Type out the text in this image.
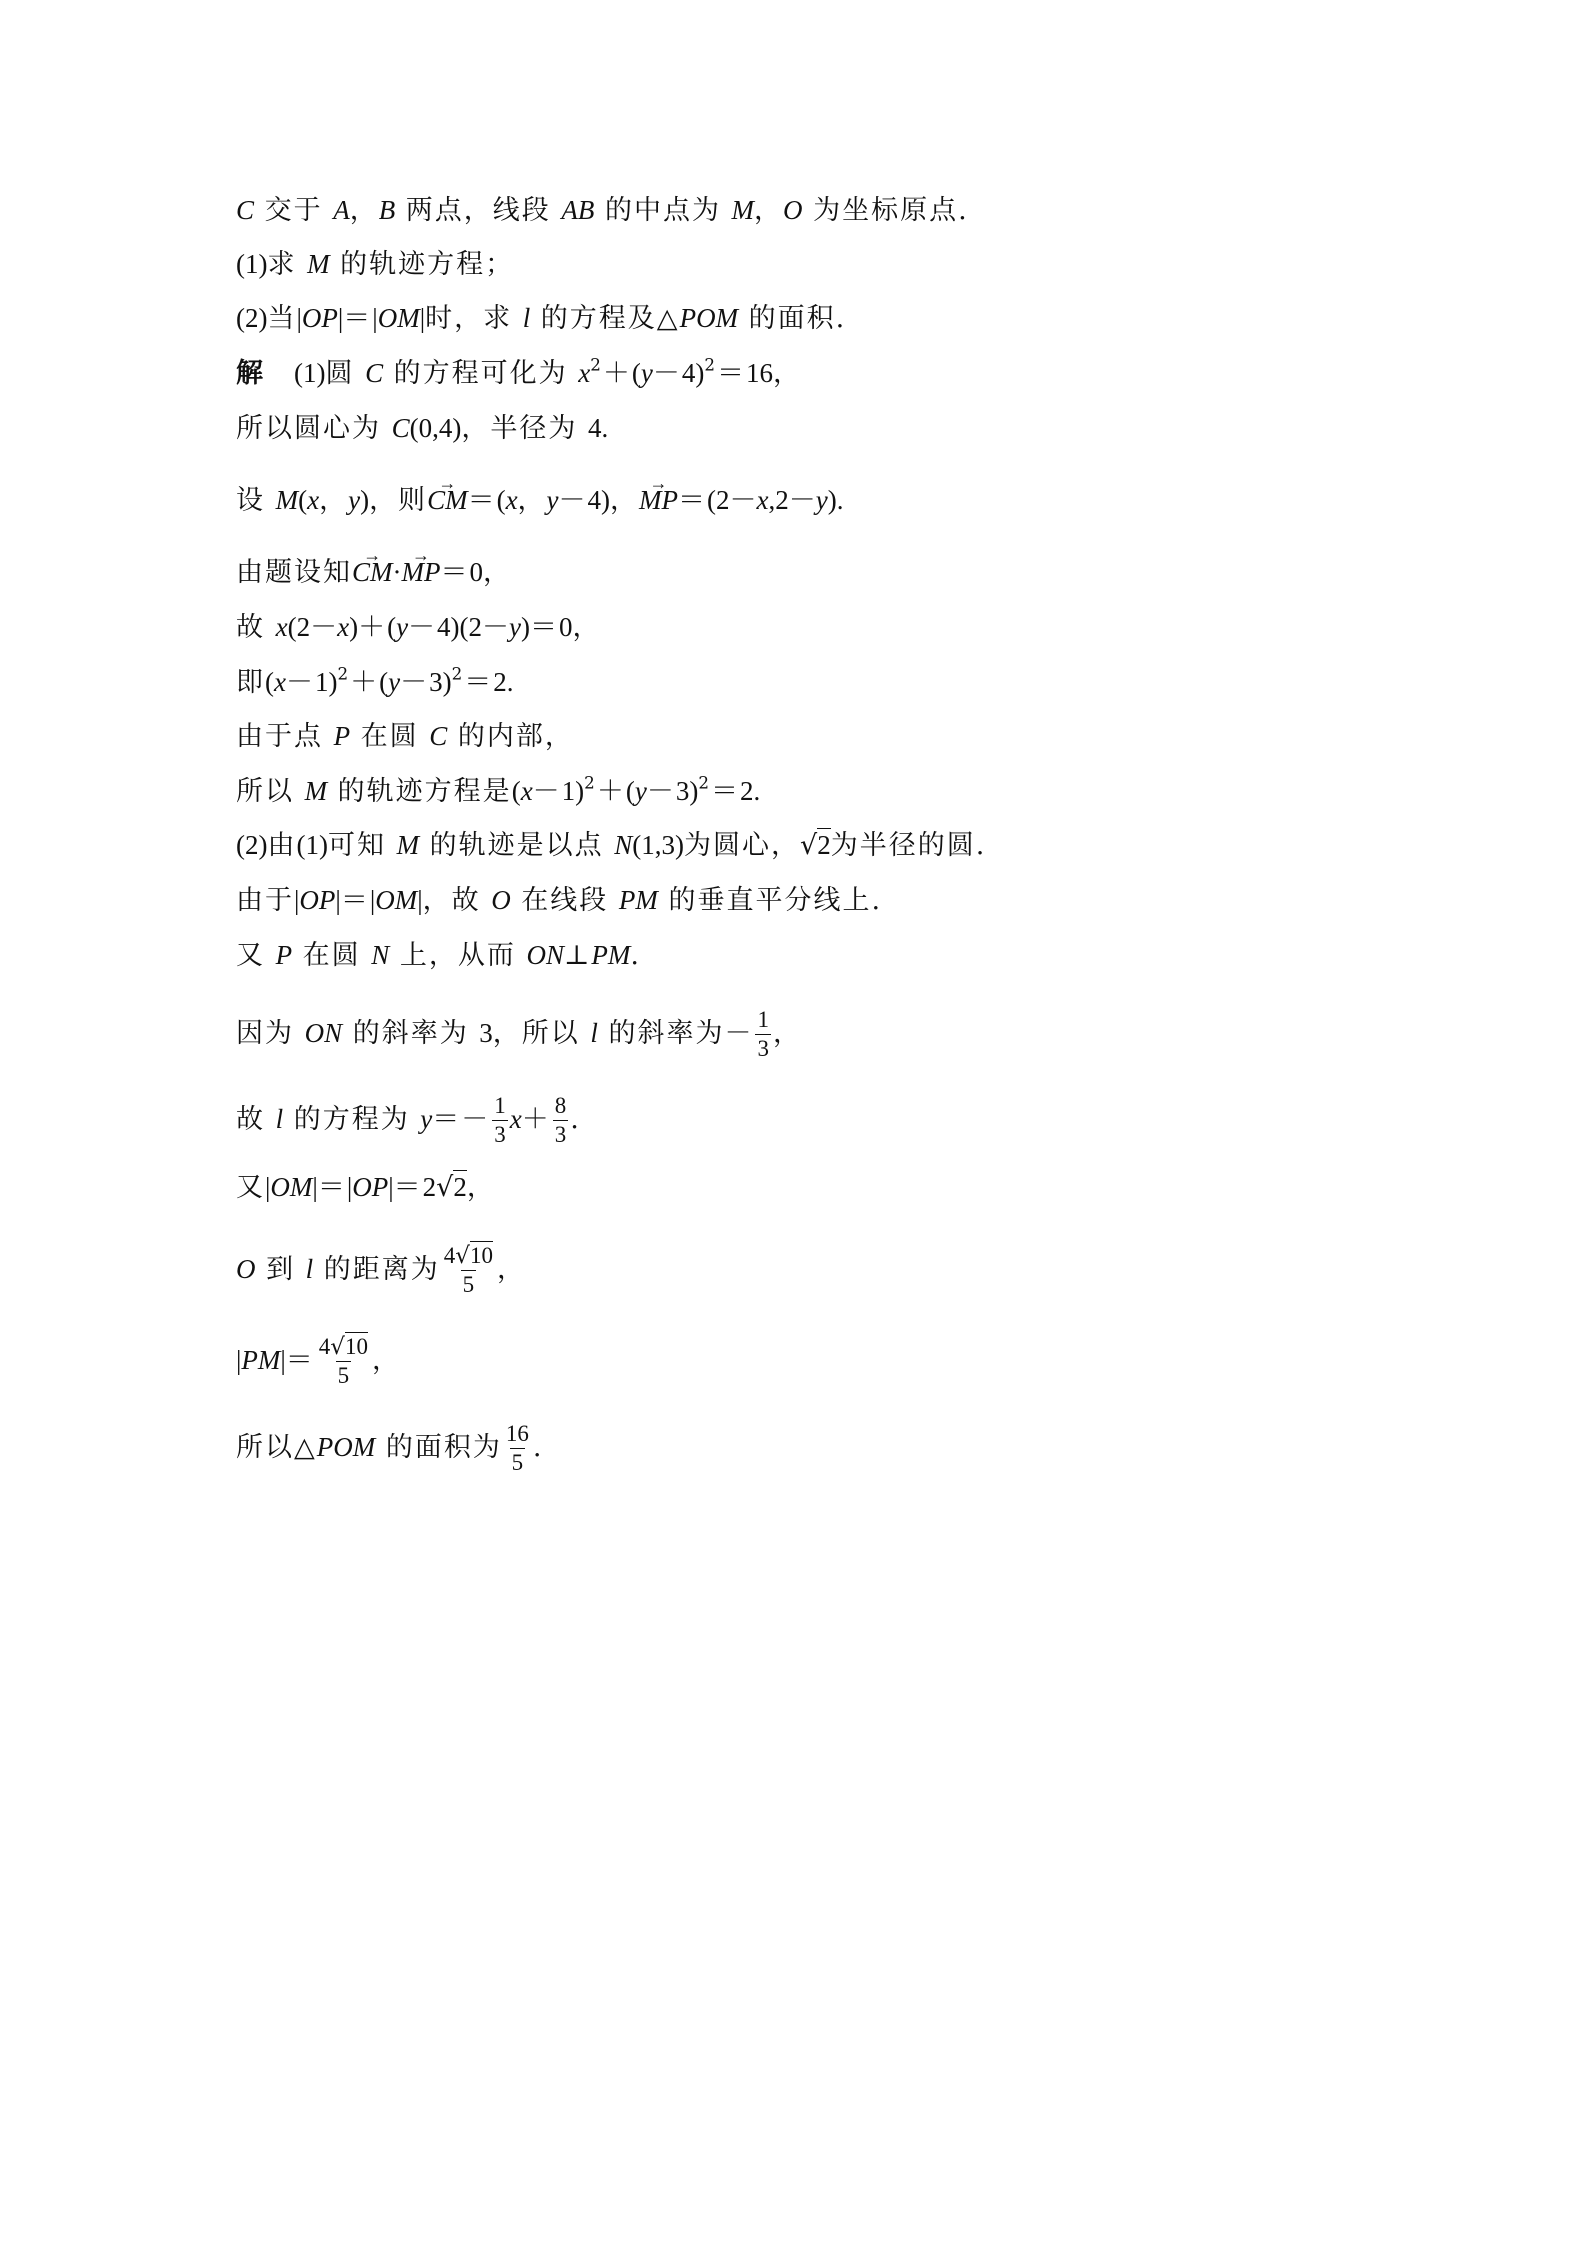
C 交于 A，B 两点，线段 AB 的中点为 M，O 为坐标原点.
(1)求 M 的轨迹方程；
(2)当|OP|＝|OM|时，求 l 的方程及△POM 的面积.
解　 (1)圆 C 的方程可化为 $x^2+(y-4)^2=16$，
所以圆心为 C(0,4)，半径为 4.
设 M(x，y)，则→ CM＝(x，y－4)，→ MP＝(2－x,2－y).
由题设知→ CM·→ MP＝0，
故 x(2－x)＋(y－4)(2－y)＝0，
即$(x-1)^2+(y-3)^2=2$.
由于点 P 在圆 C 的内部，
所以 M 的轨迹方程是$(x-1)^2+(y-3)^2=2$.
(2)由(1)可知 M 的轨迹是以点 N(1,3)为圆心，√2为半径的圆.
由于|OP|＝|OM|，故 O 在线段 PM 的垂直平分线上.
又 P 在圆 N 上，从而 ON⊥PM.
因为 ON 的斜率为 3，所以 l 的斜率为－ $\frac{1}{3}$ ，
故 l 的方程为 $y=- \frac{1}{3} x+ \frac{8}{3}$ .
又|OM|＝|OP|＝2√2，
O 到 l 的距离为 $\frac{4√10}{5}$ ，
$|PM|= \frac{4√10}{5}$ ，
所以△POM 的面积为 $\frac{16}{5}$ .
